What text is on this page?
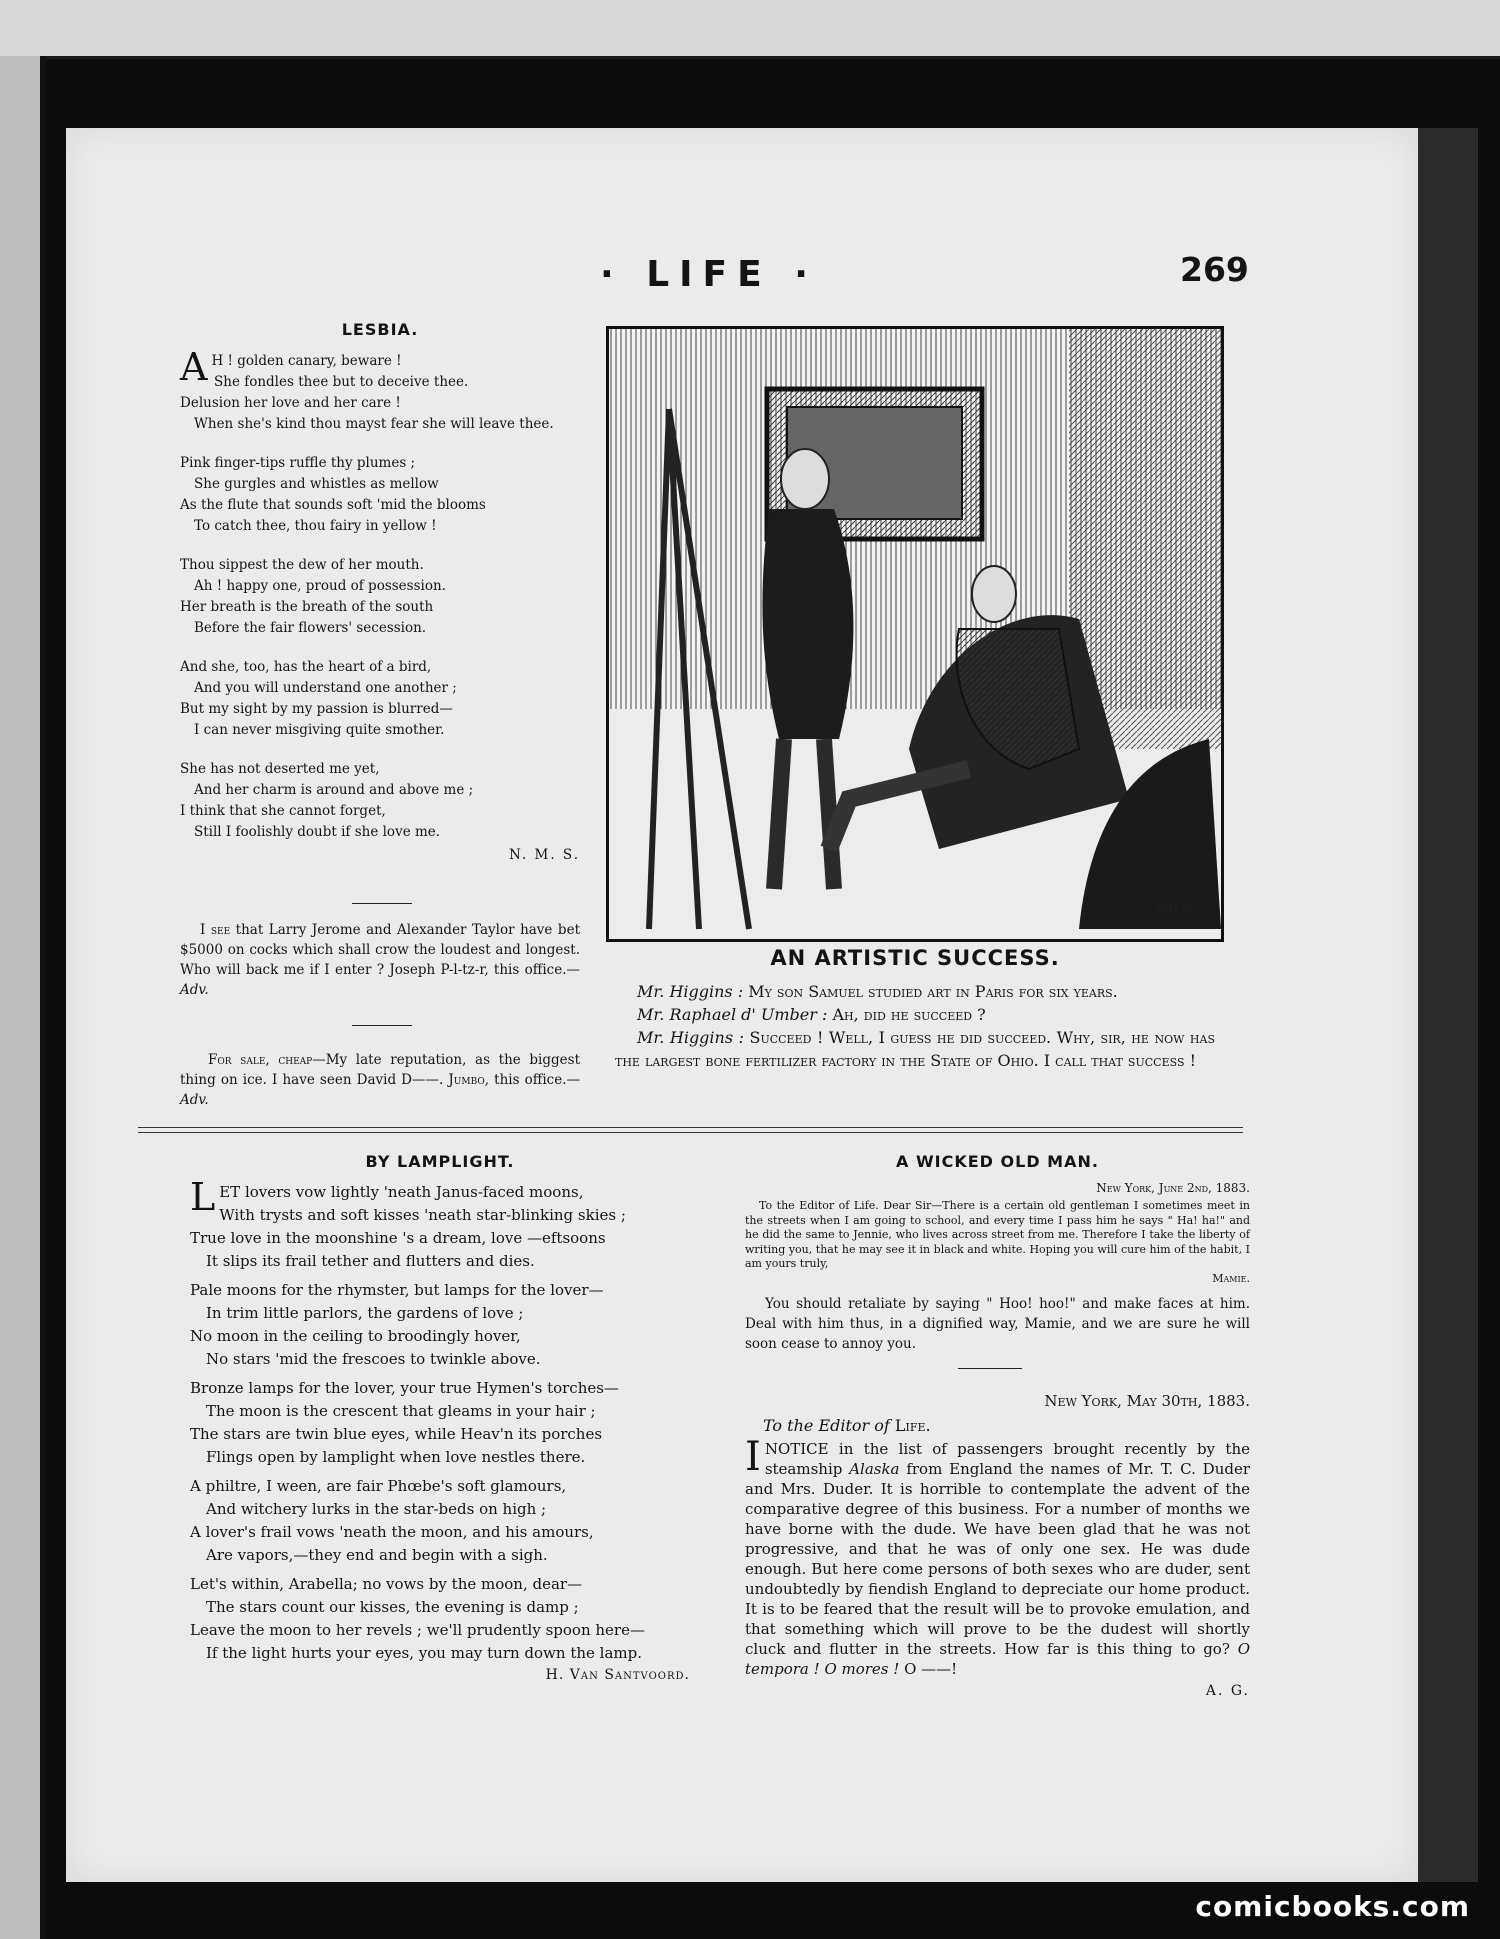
· LIFE ·	269
LESBIA.
A H ! golden canary, beware !
She fondles thee but to deceive thee.
Delusion her love and her care !
When she's kind thou mayst fear she will leave thee.
Pink finger-tips ruffle thy plumes ;
She gurgles and whistles as mellow
As the flute that sounds soft 'mid the blooms
To catch thee, thou fairy in yellow !
Thou sippest the dew of her mouth.
Ah ! happy one, proud of possession.
Her breath is the breath of the south
Before the fair flowers' secession.
And she, too, has the heart of a bird,
And you will understand one another ;
But my sight by my passion is blurred—
I can never misgiving quite smother.
She has not deserted me yet,
And her charm is around and above me ;
I think that she cannot forget,
Still I foolishly doubt if she love me.
N. M. S.
I see that Larry Jerome and Alexander Taylor have bet $5000 on cocks which shall crow the loudest and longest. Who will back me if I enter ? Joseph P-l-tz-r, this office.—Adv.
For sale, cheap—My late reputation, as the biggest thing on ice. I have seen David D——. Jumbo, this office.—Adv.
W.H.W.
AN ARTISTIC SUCCESS.
Mr. Higgins : My son Samuel studied art in Paris for six years.
Mr. Raphael d' Umber : Ah, did he succeed ?
Mr. Higgins : Succeed ! Well, I guess he did succeed. Why, sir, he now has the largest bone fertilizer factory in the State of Ohio. I call that success !
BY LAMPLIGHT.
L ET lovers vow lightly 'neath Janus-faced moons,
With trysts and soft kisses 'neath star-blinking skies ;
True love in the moonshine 's a dream, love —eftsoons
It slips its frail tether and flutters and dies.
Pale moons for the rhymster, but lamps for the lover—
In trim little parlors, the gardens of love ;
No moon in the ceiling to broodingly hover,
No stars 'mid the frescoes to twinkle above.
Bronze lamps for the lover, your true Hymen's torches—
The moon is the crescent that gleams in your hair ;
The stars are twin blue eyes, while Heav'n its porches
Flings open by lamplight when love nestles there.
A philtre, I ween, are fair Phœbe's soft glamours,
And witchery lurks in the star-beds on high ;
A lover's frail vows 'neath the moon, and his amours,
Are vapors,—they end and begin with a sigh.
Let's within, Arabella; no vows by the moon, dear—
The stars count our kisses, the evening is damp ;
Leave the moon to her revels ; we'll prudently spoon here—
If the light hurts your eyes, you may turn down the lamp.
H. Van Santvoord.
A WICKED OLD MAN.
New York, June 2nd, 1883.
To the Editor of Life. Dear Sir—There is a certain old gentleman I sometimes meet in the streets when I am going to school, and every time I pass him he says " Ha! ha!" and he did the same to Jennie, who lives across street from me. Therefore I take the liberty of writing you, that he may see it in black and white. Hoping you will cure him of the habit, I am yours truly,
Mamie.
You should retaliate by saying " Hoo! hoo!" and make faces at him. Deal with him thus, in a dignified way, Mamie, and we are sure he will soon cease to annoy you.
New York, May 30th, 1883.
To the Editor of Life.
I NOTICE in the list of passengers brought recently by the steamship Alaska from England the names of Mr. T. C. Duder and Mrs. Duder. It is horrible to contemplate the advent of the comparative degree of this business. For a number of months we have borne with the dude. We have been glad that he was not progressive, and that he was of only one sex. He was dude enough. But here come persons of both sexes who are duder, sent undoubtedly by fiendish England to depreciate our home product. It is to be feared that the result will be to provoke emulation, and that something which will prove to be the dudest will shortly cluck and flutter in the streets. How far is this thing to go? O tempora ! O mores ! O ——!
A. G.
comicbooks.com
